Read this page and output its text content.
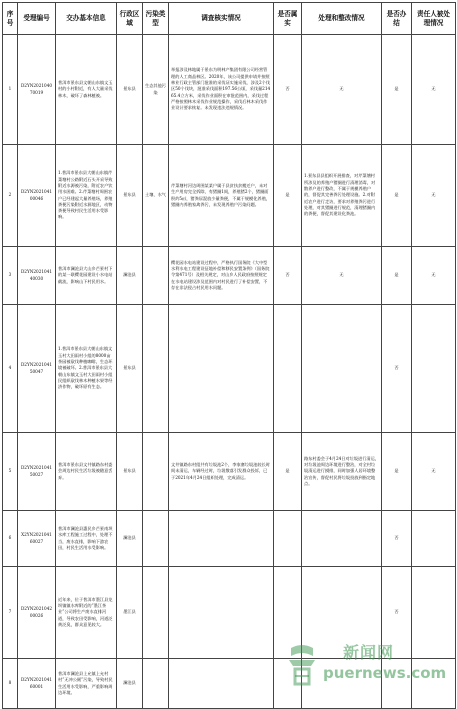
序号	受理编号	交办基本信息	行政区域	污染类型	调查核实情况	是否属实	处理和整改情况	是否办结	责任人被处理情况
1	D2YN20210407001​9	普洱市景东县文朝山东镇文玉村的小村附近，有人大量采伐林木，破坏了森林植被。	景东县	生态其他污染	举报涉及林地属于景东为明林产集团有限公司经营管理的人工商品林区。2020年，该公司提供申请并按照林业行政主管部门批准的采伐证实施采伐，涉及2个伐区50个伐块，批准采伐面积197.56公顷，采伐量21465.4立方米，采伐作业面积在审批范围内，采伐过程严格按照林木采伐作业规范操作，采伐后林木采伐作业设计要求恢复。未发现违法违规情况。	否	无	是	无
2	D2YN20210410004​6	1.普洱市景东县大朝山东镇芹菜塘村公路附近石头开采导致附近水源被污染，附近农户饮用水困难。2.芹菜塘村周围农户已经建起大量养殖场，养殖粪便污染附近水源地区，动物粪便导致村民生活用水受影响。	景东县	土壤、水气	芹菜塘村河边周围某某户属于县贫扶贫搬迁户，未对生产用房完全拆除，有猪圈1间，养殖猪2个，猪圈面积约5㎡，猪粪尿混放少量粪便，不属于规模化养殖，猪圈内养殖家禽粪污，未发现养殖户污染问题。	是	1.景东县县组织开展排查，对芹菜塘村所涉及的养殖户猪圈进行清理消毒，对散养户进行整改，不属于规模养殖户的，督促其完善粪污处理设施。2.对附近农户进行走访，要求对养殖粪污进行处理，对其猪圈进行规范，清理猪圈内的粪便，督促其建设化粪池。	是	无
3	D2YN20210414003​0	普洱市澜沧县大山乡芒景村下的某一联樱花园建设小水电站截流，影响山下村民用水。	澜沧县		樱花园水电站建设过程中，严格执行国务院《大中型水利水电工程建设征地补偿和移民安置条例》（国务院令第471号）及相关规定，对山乡人民政府按照规定在水电站建设涉及范围内对村民进行了补偿安置，不存在非法侵占村民用水问题。	否	无	是	无
4	D2YN20210415004​7	1.普洱市景东县大朝山东镇文玉村大田雨村小组的8000亩茶园被砍伐种植咖啡，生态环境被破坏。2.普洱市景东县大朝山东镇文玉村大田雨村小组民组织砍伐林木种植水果等经济作物，破坏原有生态。	景东县					否	
5	D2YN20210415002​7	普洱市景东县文井镇路东村委会周边村民生活垃圾被随意丢弃。	景东县		文井镇路东村组共有垃圾池2个，李家寨垃圾池较长时间未清运，车辆经过时，垃圾散落引发群众投诉，已于2021年4月24日组织处理，完成清运。	是	路东村委会于4月24日对垃圾进行清运，对垃圾池周边环境进行整治，对全村垃圾清运进行摸排，同时加强人居环境整治宣传，督促村民将垃圾投放到指定地点。	是	无
6	X2YN20210416002​7	普洱市澜沧县惠民乡芒景南坝水库工程施工过程中，处理不当，废水直排，影响下游农田，村民生活用水受影响。	澜沧县					否	
7	D2YN20210420002​6	近年来，位于普洱市墨江县龙坝镇镇水库附近的“墨江茶业”公司将生产废水直排河道，导致农田受影响，河道泛黄泛臭，群众意见较大。	墨江县					否	
8	D2YN20210416000​1	普洱市澜沧县上允镇上允村村“无冲公厕”污染，导致村民生活用水受影响，严重影响周边环境。	澜沧县						
新闻网
puernews.com
